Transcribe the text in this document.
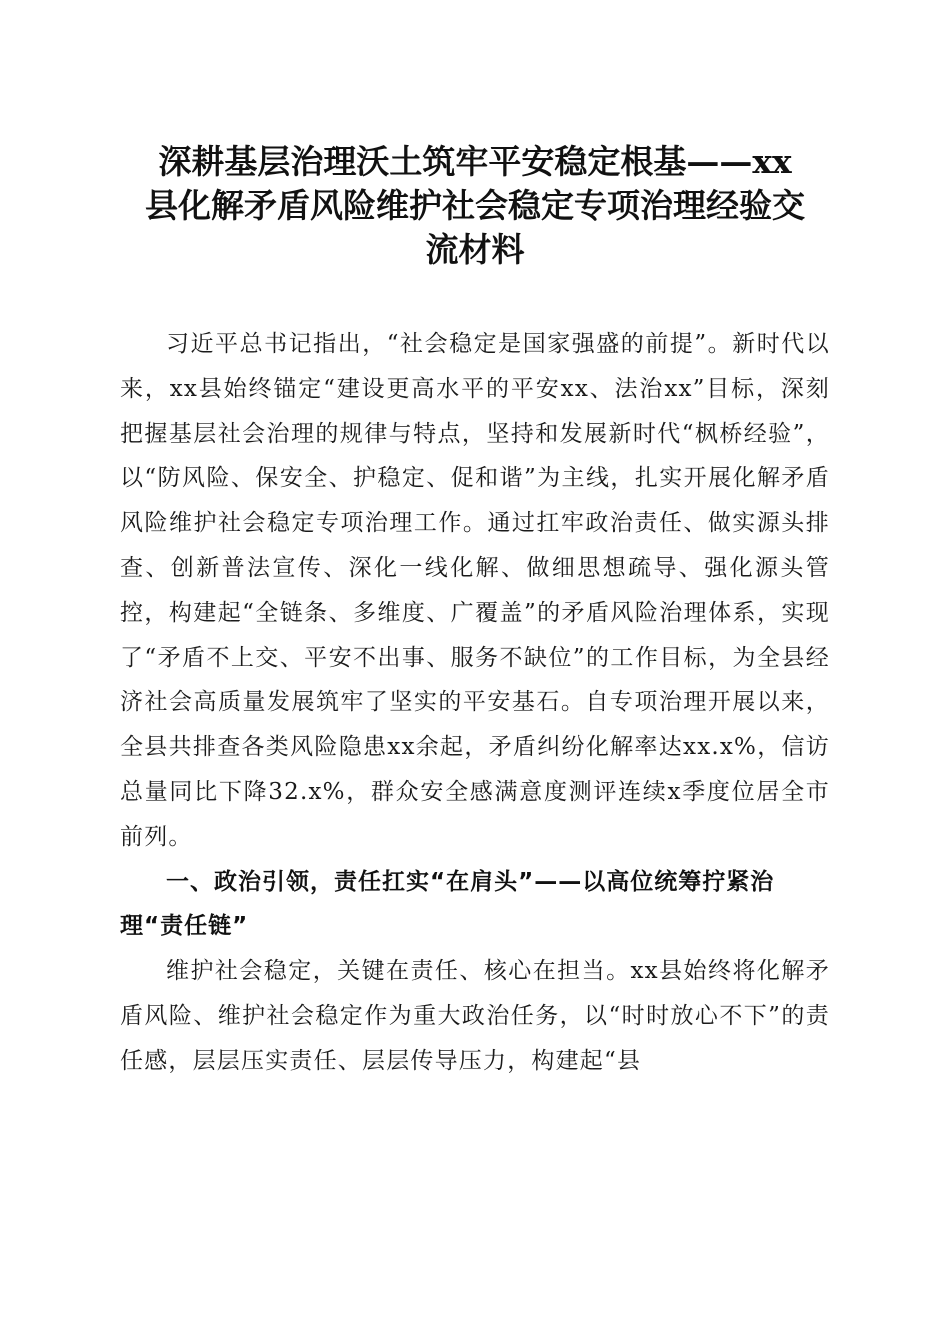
深耕基层治理沃土筑牢平安稳定根基——xx
县化解矛盾风险维护社会稳定专项治理经验交
流材料

习近平总书记指出，“社会稳定是国家强盛的前提”。新时代以来，xx县始终锚定“建设更高水平的平安xx、法治xx”目标，深刻把握基层社会治理的规律与特点，坚持和发展新时代“枫桥经验”，以“防风险、保安全、护稳定、促和谐”为主线，扎实开展化解矛盾风险维护社会稳定专项治理工作。通过扛牢政治责任、做实源头排查、创新普法宣传、深化一线化解、做细思想疏导、强化源头管控，构建起“全链条、多维度、广覆盖”的矛盾风险治理体系，实现了“矛盾不上交、平安不出事、服务不缺位”的工作目标，为全县经济社会高质量发展筑牢了坚实的平安基石。自专项治理开展以来，全县共排查各类风险隐患xx余起，矛盾纠纷化解率达xx.x%，信访总量同比下降32.x%，群众安全感满意度测评连续x季度位居全市前列。

一、政治引领，责任扛实“在肩头”——以高位统筹拧紧治理“责任链”

维护社会稳定，关键在责任、核心在担当。xx县始终将化解矛盾风险、维护社会稳定作为重大政治任务，以“时时放心不下”的责任感，层层压实责任、层层传导压力，构建起“县
